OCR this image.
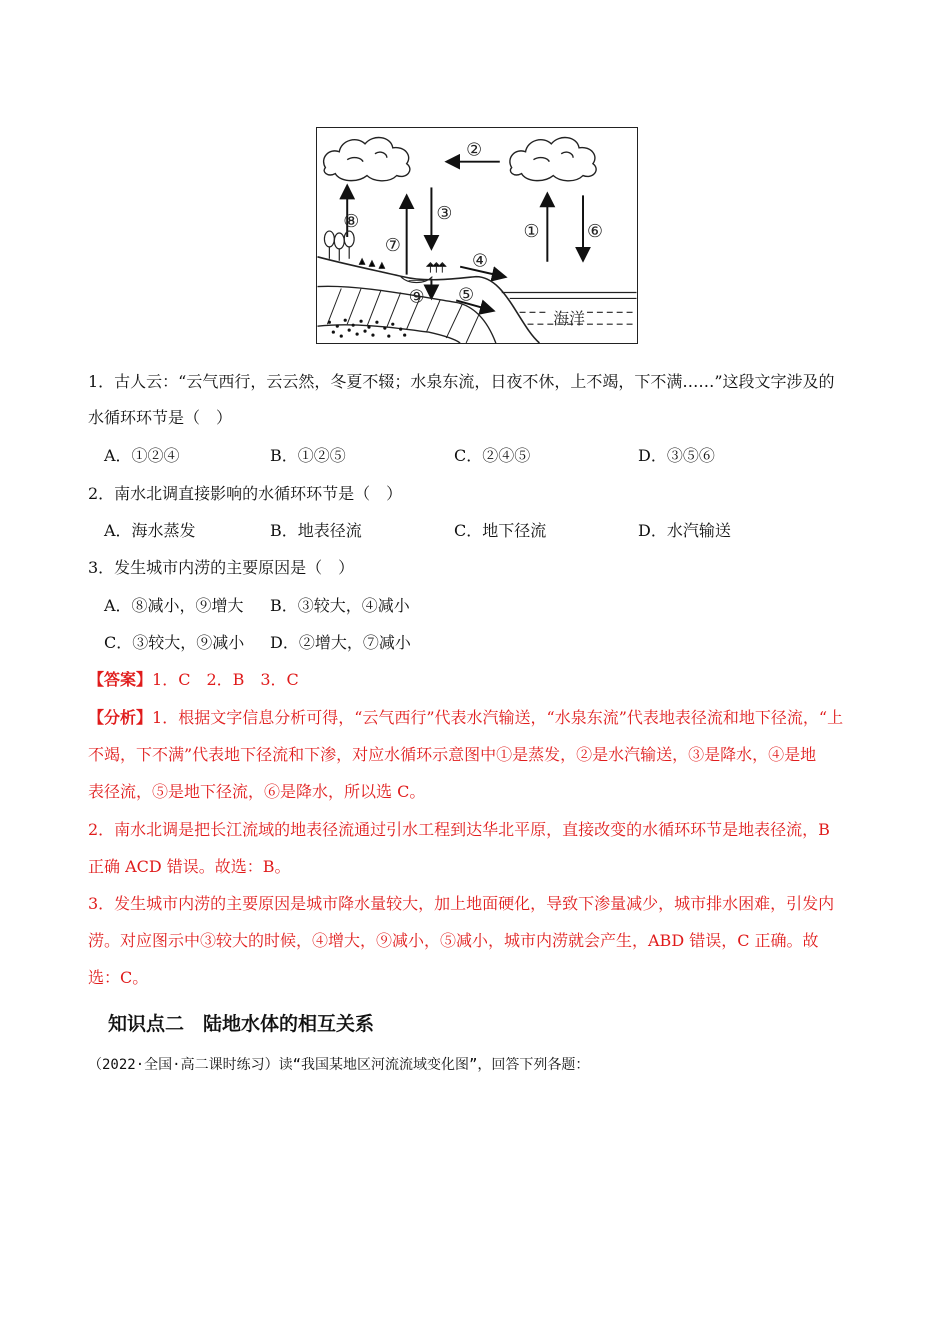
海洋
②
⑧
⑦
③
①	⑥
④
⑨ ⑤
1．古人云：“云气西行，云云然，冬夏不辍；水泉东流，日夜不休，上不竭，下不满……”这段文字涉及的
水循环环节是（　）
A．①②④	B．①②⑤	C．②④⑤	D．③⑤⑥
2．南水北调直接影响的水循环环节是（　）
A．海水蒸发	B．地表径流	C．地下径流	D．水汽输送
3．发生城市内涝的主要原因是（　）
A．⑧减小，⑨增大 B．③较大，④减小
C．③较大，⑨减小 D．②增大，⑦减小
【答案】1．C　2．B　3．C
【分析】1．根据文字信息分析可得，“云气西行”代表水汽输送，“水泉东流”代表地表径流和地下径流，“上
不竭，下不满”代表地下径流和下渗，对应水循环示意图中①是蒸发，②是水汽输送，③是降水，④是地
表径流，⑤是地下径流，⑥是降水，所以选 C。
2．南水北调是把长江流域的地表径流通过引水工程到达华北平原，直接改变的水循环环节是地表径流，B
正确 ACD 错误。故选：B。
3．发生城市内涝的主要原因是城市降水量较大，加上地面硬化，导致下渗量减少，城市排水困难，引发内
涝。对应图示中③较大的时候，④增大，⑨减小，⑤减小，城市内涝就会产生，ABD 错误，C 正确。故
选：C。
知识点二　陆地水体的相互关系
（2022·全国·高二课时练习）读“我国某地区河流流域变化图”，回答下列各题：
